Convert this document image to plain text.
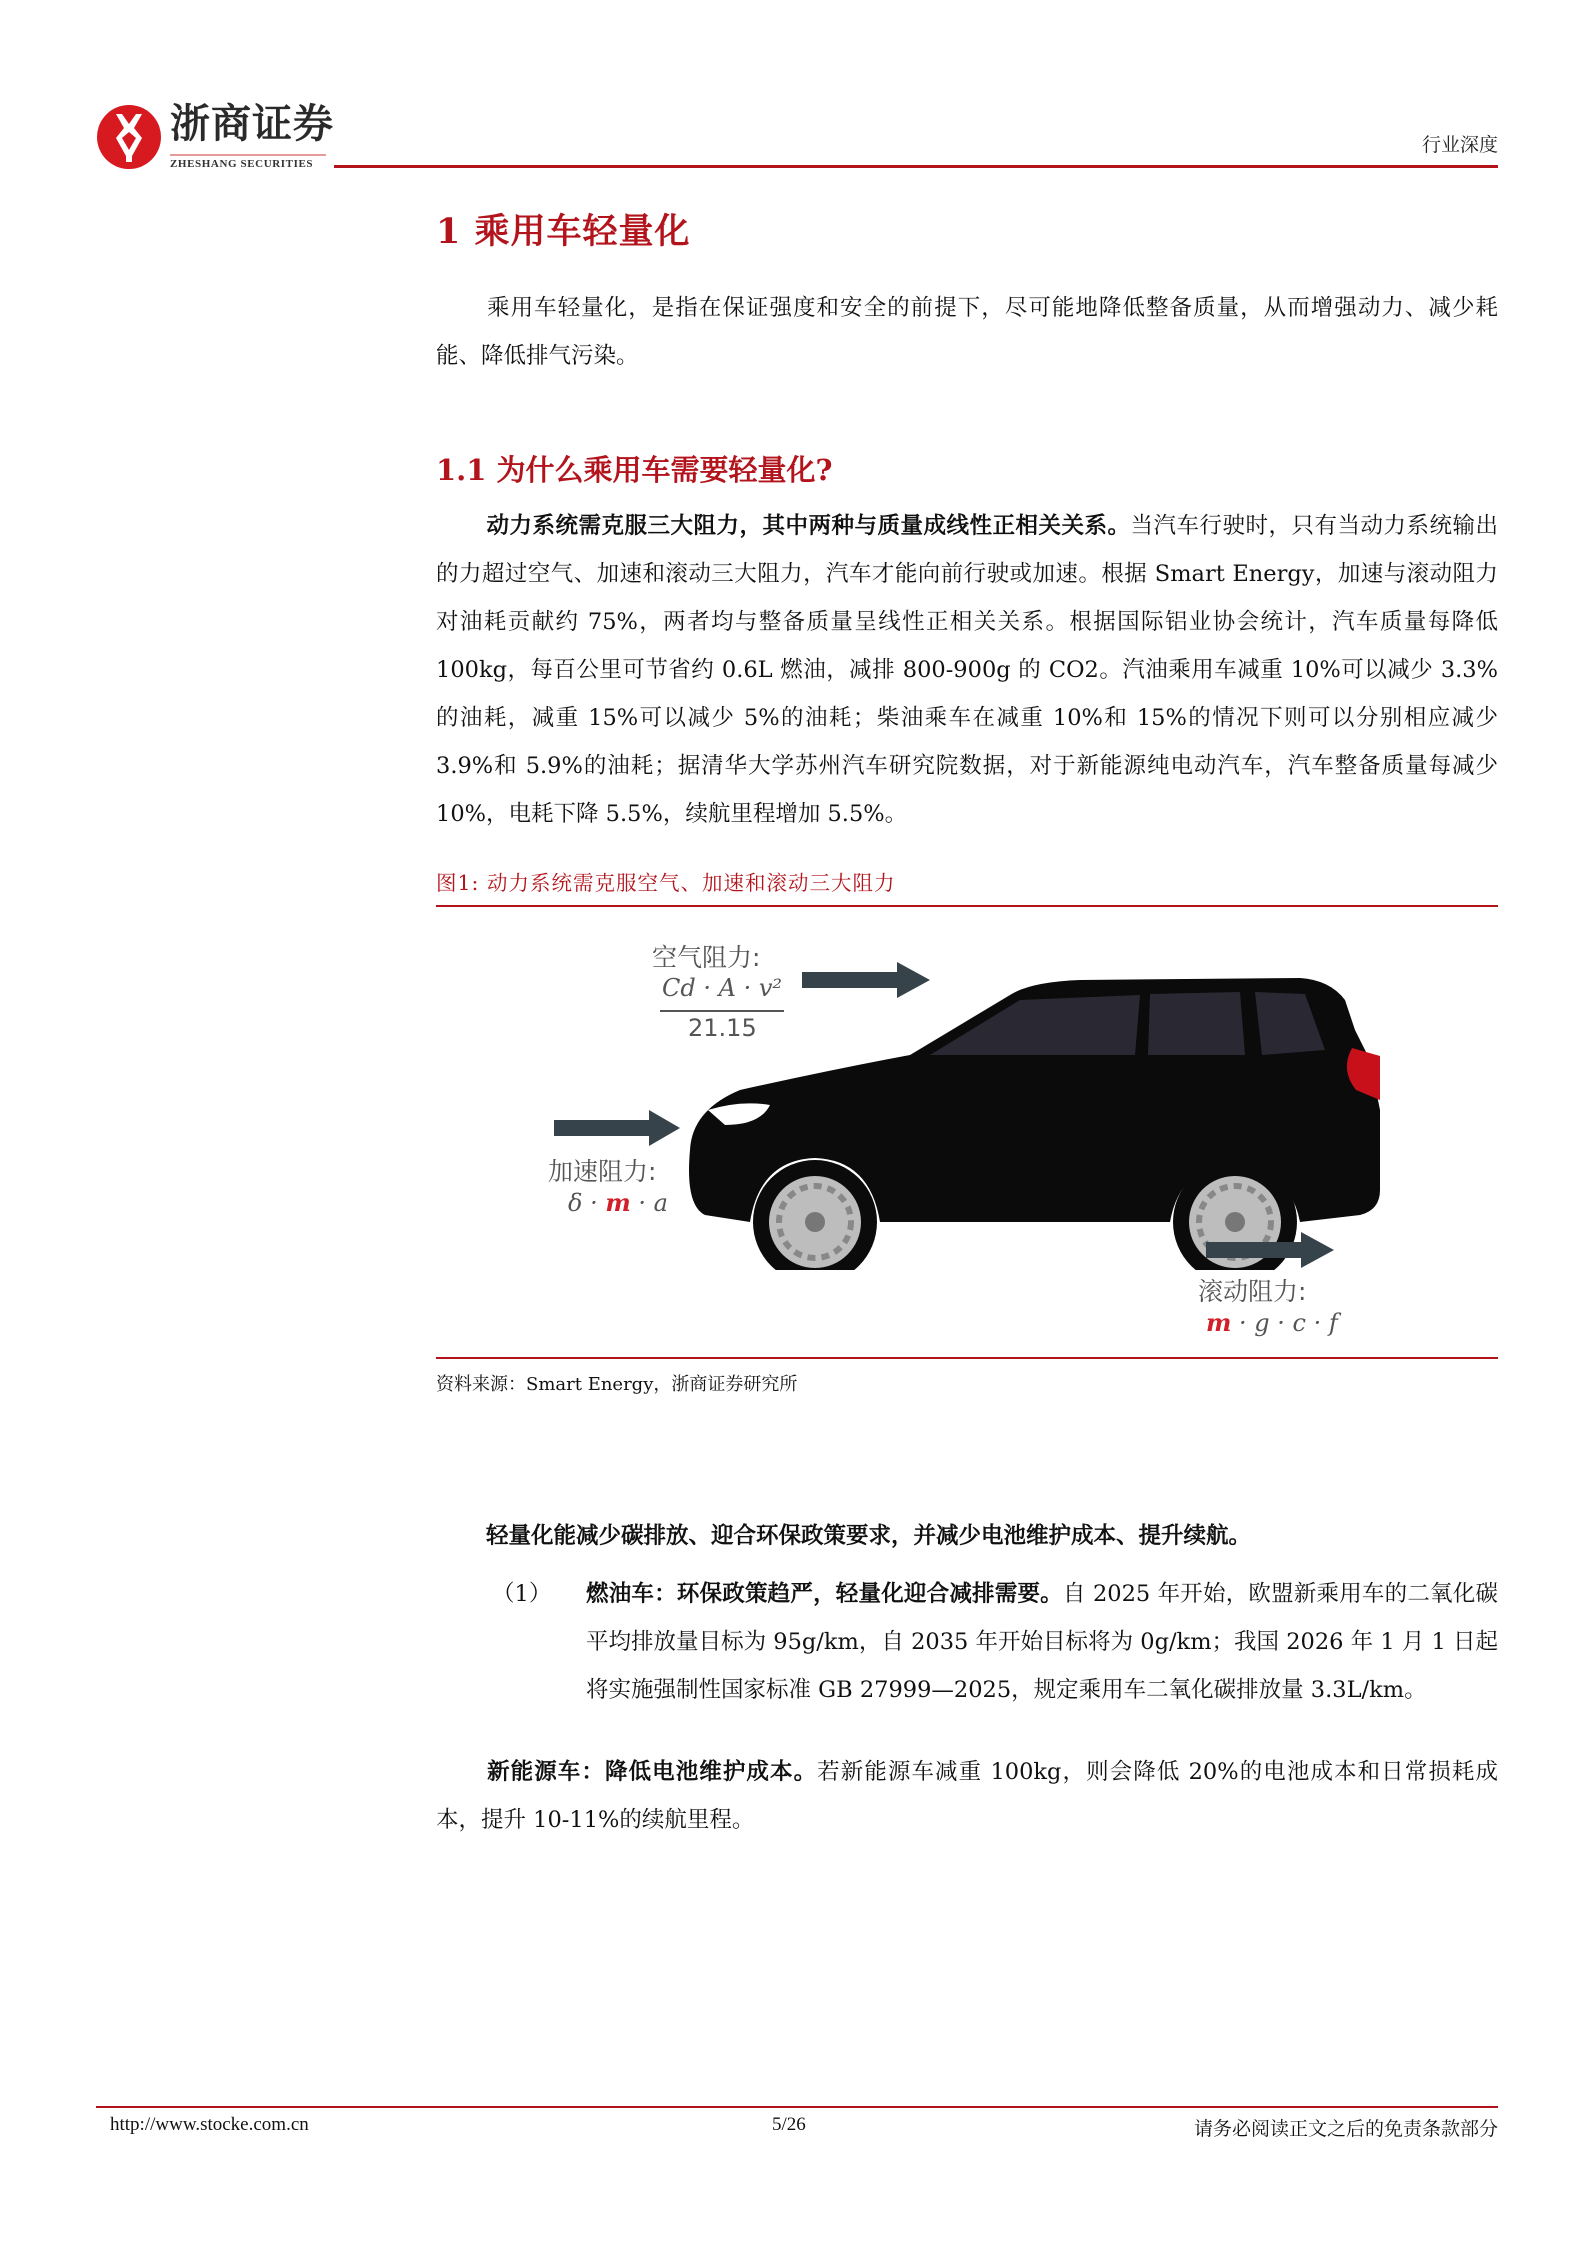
浙商证券
ZHESHANG SECURITIES
行业深度
1 乘用车轻量化
乘用车轻量化，是指在保证强度和安全的前提下，尽可能地降低整备质量，从而增强动力、减少耗能、降低排气污染。
1.1 为什么乘用车需要轻量化?
动力系统需克服三大阻力，其中两种与质量成线性正相关关系。当汽车行驶时，只有当动力系统输出的力超过空气、加速和滚动三大阻力，汽车才能向前行驶或加速。根据 Smart Energy，加速与滚动阻力对油耗贡献约 75%，两者均与整备质量呈线性正相关关系。根据国际铝业协会统计，汽车质量每降低 100kg，每百公里可节省约 0.6L 燃油，减排 800-900g 的 CO2。汽油乘用车减重 10%可以减少 3.3%的油耗，减重 15%可以减少 5%的油耗；柴油乘车在减重 10%和 15%的情况下则可以分别相应减少 3.9%和 5.9%的油耗；据清华大学苏州汽车研究院数据，对于新能源纯电动汽车，汽车整备质量每减少 10%，电耗下降 5.5%，续航里程增加 5.5%。
图1: 动力系统需克服空气、加速和滚动三大阻力
空气阻力:
Cd · A · v²
21.15
加速阻力:
δ · m · a
滚动阻力:
m · g · c · f
资料来源：Smart Energy，浙商证券研究所
轻量化能减少碳排放、迎合环保政策要求，并减少电池维护成本、提升续航。
（1） 燃油车：环保政策趋严，轻量化迎合减排需要。自 2025 年开始，欧盟新乘用车的二氧化碳平均排放量目标为 95g/km，自 2035 年开始目标将为 0g/km；我国 2026 年 1 月 1 日起将实施强制性国家标准 GB 27999—2025，规定乘用车二氧化碳排放量 3.3L/km。
新能源车：降低电池维护成本。若新能源车减重 100kg，则会降低 20%的电池成本和日常损耗成本，提升 10-11%的续航里程。
http://www.stocke.com.cn	5/26	请务必阅读正文之后的免责条款部分
